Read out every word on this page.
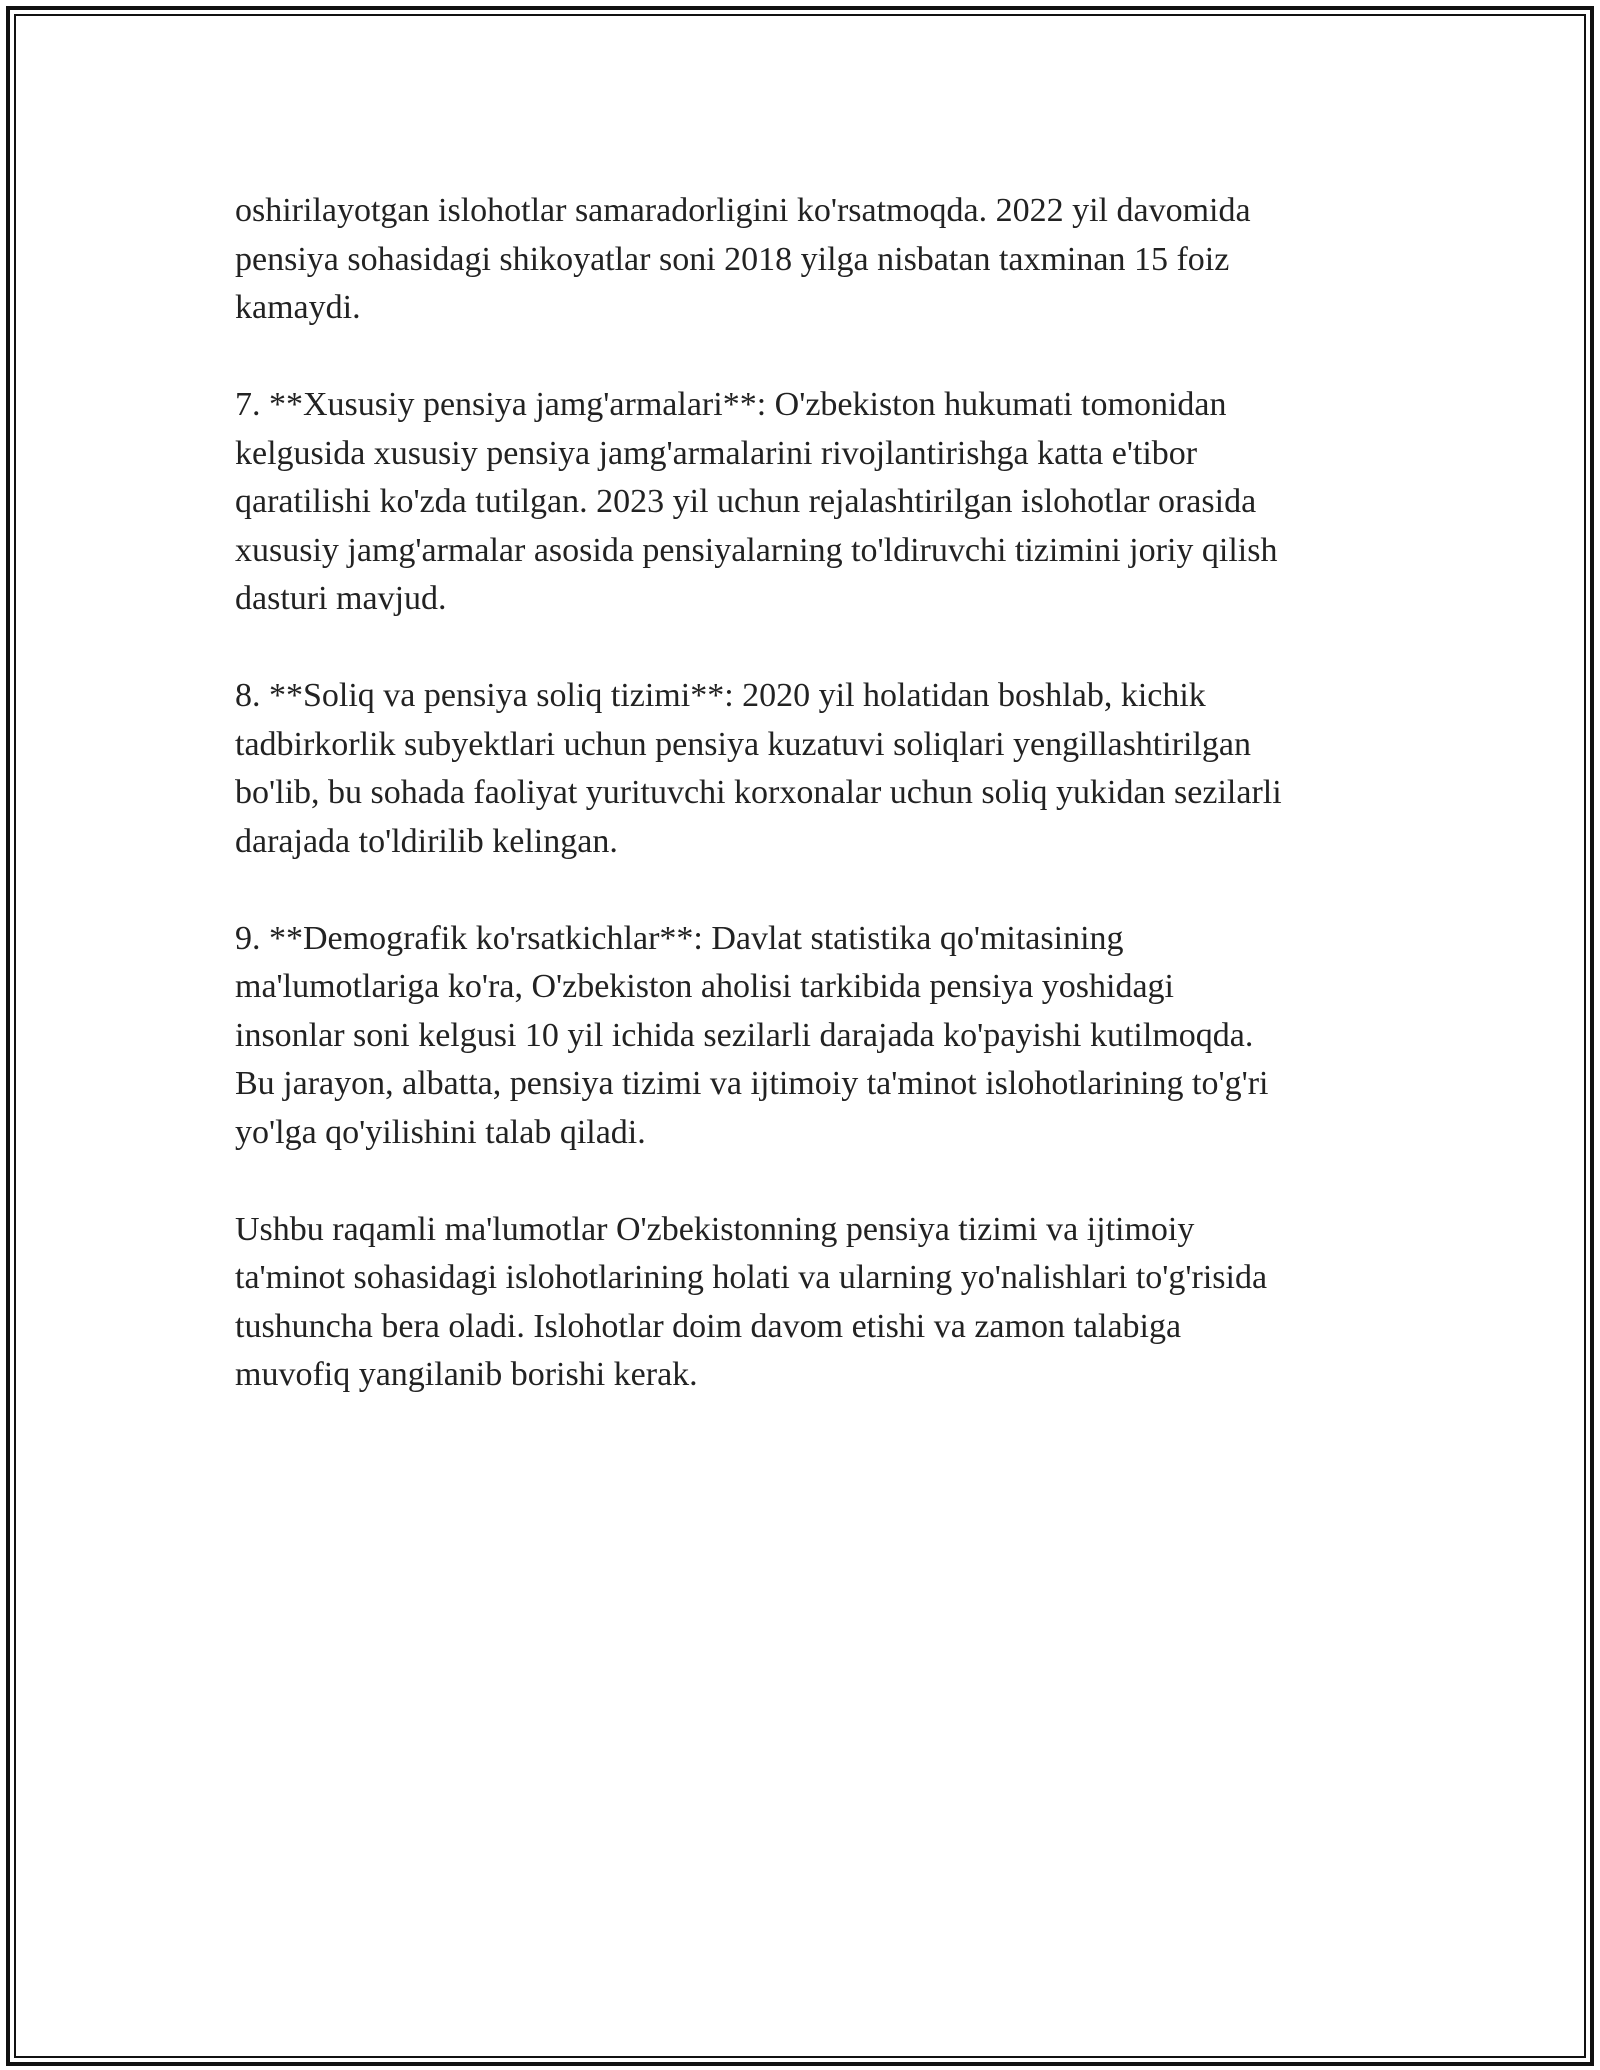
oshirilayotgan islohotlar samaradorligini ko'rsatmoqda. 2022 yil davomida
pensiya sohasidagi shikoyatlar soni 2018 yilga nisbatan taxminan 15 foiz
kamaydi.

7. **Xususiy pensiya jamg'armalari**: O'zbekiston hukumati tomonidan
kelgusida xususiy pensiya jamg'armalarini rivojlantirishga katta e'tibor
qaratilishi ko'zda tutilgan. 2023 yil uchun rejalashtirilgan islohotlar orasida
xususiy jamg'armalar asosida pensiyalarning to'ldiruvchi tizimini joriy qilish
dasturi mavjud.

8. **Soliq va pensiya soliq tizimi**: 2020 yil holatidan boshlab, kichik
tadbirkorlik subyektlari uchun pensiya kuzatuvi soliqlari yengillashtirilgan
bo'lib, bu sohada faoliyat yurituvchi korxonalar uchun soliq yukidan sezilarli
darajada to'ldirilib kelingan.

9. **Demografik ko'rsatkichlar**: Davlat statistika qo'mitasining
ma'lumotlariga ko'ra, O'zbekiston aholisi tarkibida pensiya yoshidagi
insonlar soni kelgusi 10 yil ichida sezilarli darajada ko'payishi kutilmoqda.
Bu jarayon, albatta, pensiya tizimi va ijtimoiy ta'minot islohotlarining to'g'ri
yo'lga qo'yilishini talab qiladi.

Ushbu raqamli ma'lumotlar O'zbekistonning pensiya tizimi va ijtimoiy
ta'minot sohasidagi islohotlarining holati va ularning yo'nalishlari to'g'risida
tushuncha bera oladi. Islohotlar doim davom etishi va zamon talabiga
muvofiq yangilanib borishi kerak.
